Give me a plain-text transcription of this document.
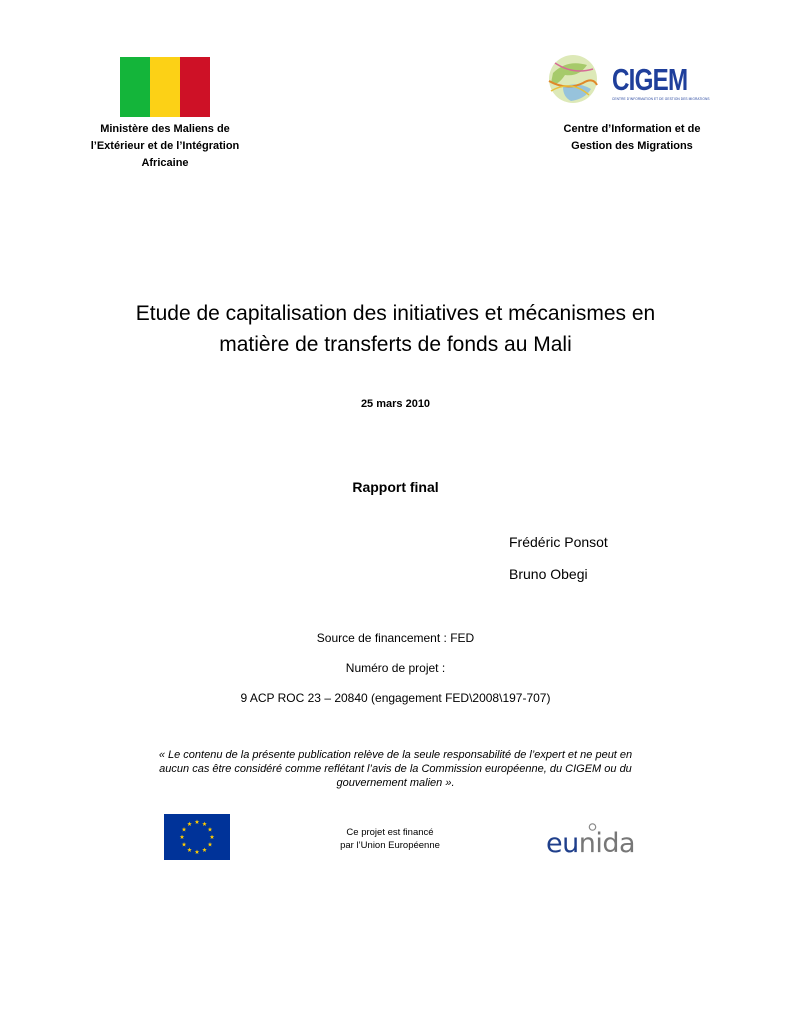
Ministère des Maliens de
l’Extérieur et de l’Intégration
Africaine
CIGEM
CENTRE D'INFORMATION ET DE GESTION DES MIGRATIONS
Centre d’Information et de
Gestion des Migrations
Etude de capitalisation des initiatives et mécanismes en
matière de transferts de fonds au Mali
25 mars 2010
Rapport final
Frédéric Ponsot
Bruno Obegi
Source de financement : FED
Numéro de projet :
9 ACP ROC 23 – 20840 (engagement FED\2008\197-707)
« Le contenu de la présente publication relève de la seule responsabilité de l’expert et ne peut en
aucun cas être considéré comme reflétant l’avis de la Commission européenne, du CIGEM ou du
gouvernement malien ».
Ce projet est financé
par l’Union Européenne	eunida
